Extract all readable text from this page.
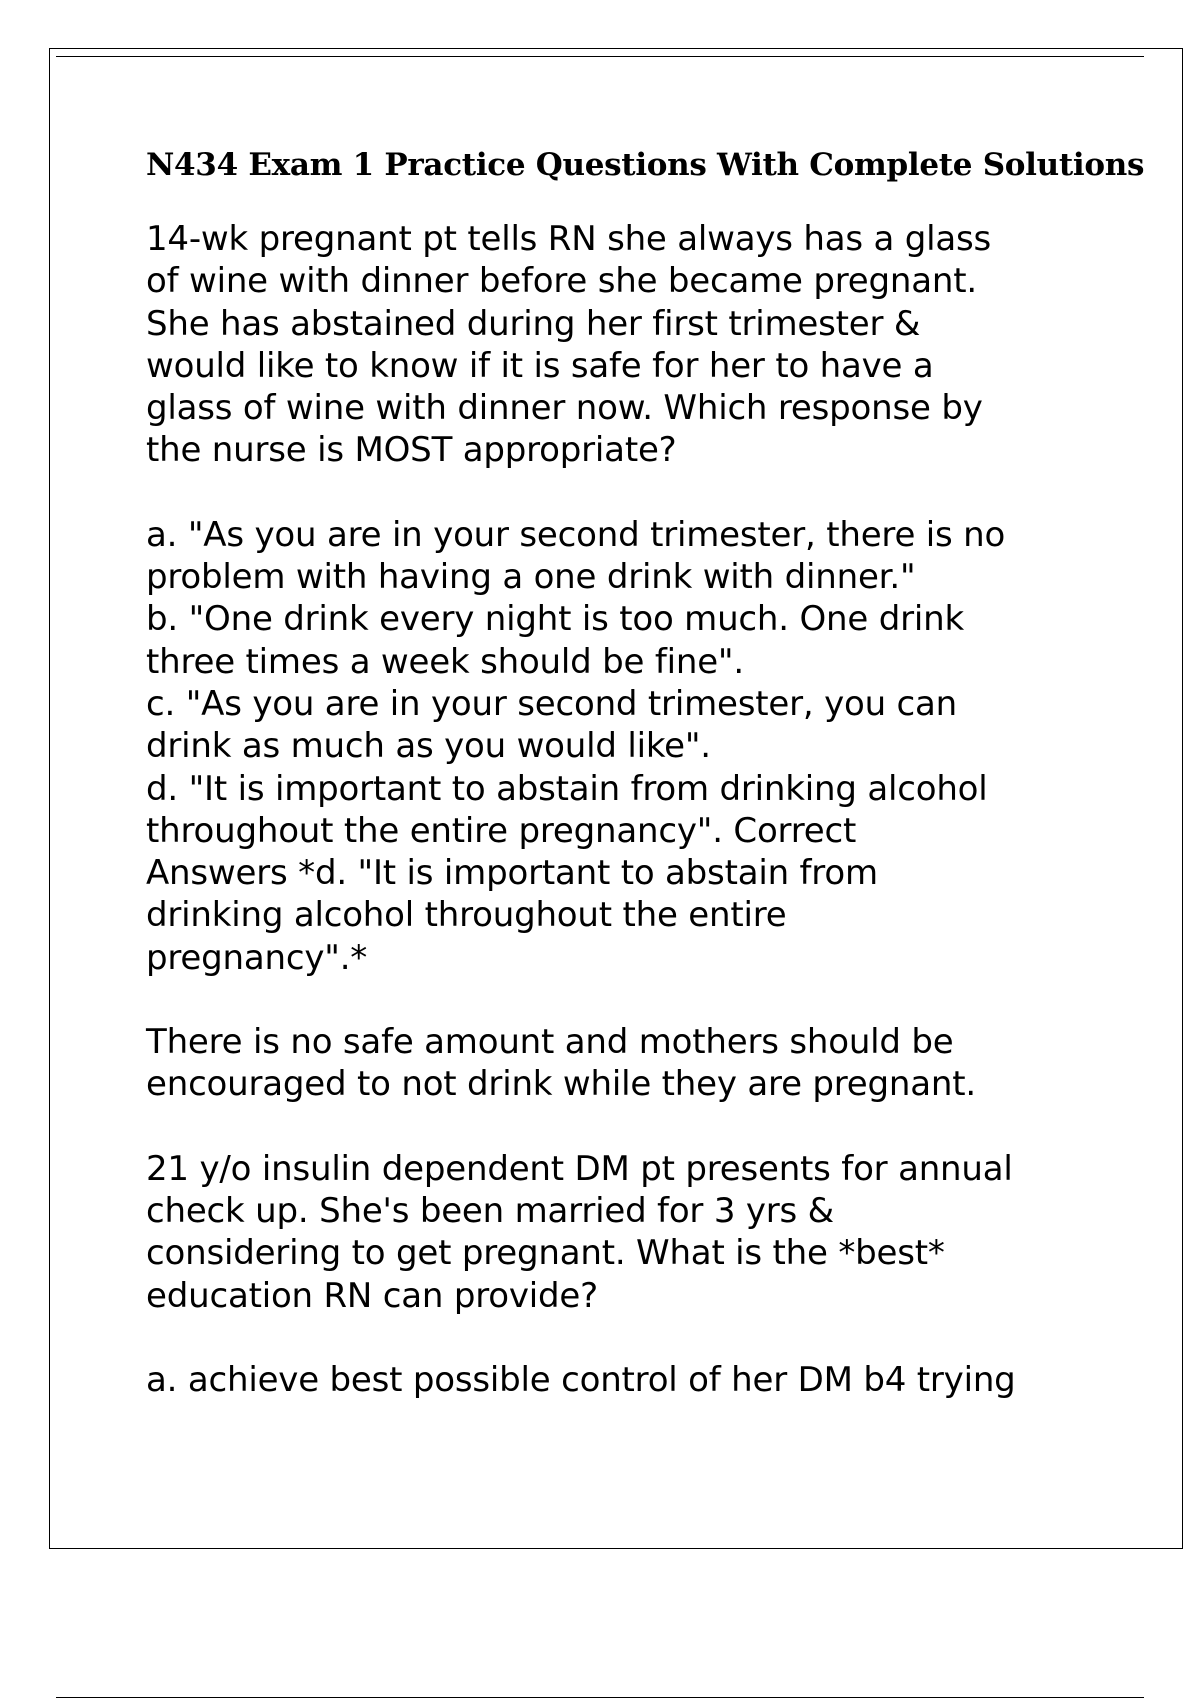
N434 Exam 1 Practice Questions With Complete Solutions

14-wk pregnant pt tells RN she always has a glass
of wine with dinner before she became pregnant.
She has abstained during her first trimester &
would like to know if it is safe for her to have a
glass of wine with dinner now. Which response by
the nurse is MOST appropriate?

a. "As you are in your second trimester, there is no
problem with having a one drink with dinner."
b. "One drink every night is too much. One drink
three times a week should be fine".
c. "As you are in your second trimester, you can
drink as much as you would like".
d. "It is important to abstain from drinking alcohol
throughout the entire pregnancy". Correct
Answers *d. "It is important to abstain from
drinking alcohol throughout the entire
pregnancy".*

There is no safe amount and mothers should be
encouraged to not drink while they are pregnant.

21 y/o insulin dependent DM pt presents for annual
check up. She's been married for 3 yrs &
considering to get pregnant. What is the *best*
education RN can provide?

a. achieve best possible control of her DM b4 trying
